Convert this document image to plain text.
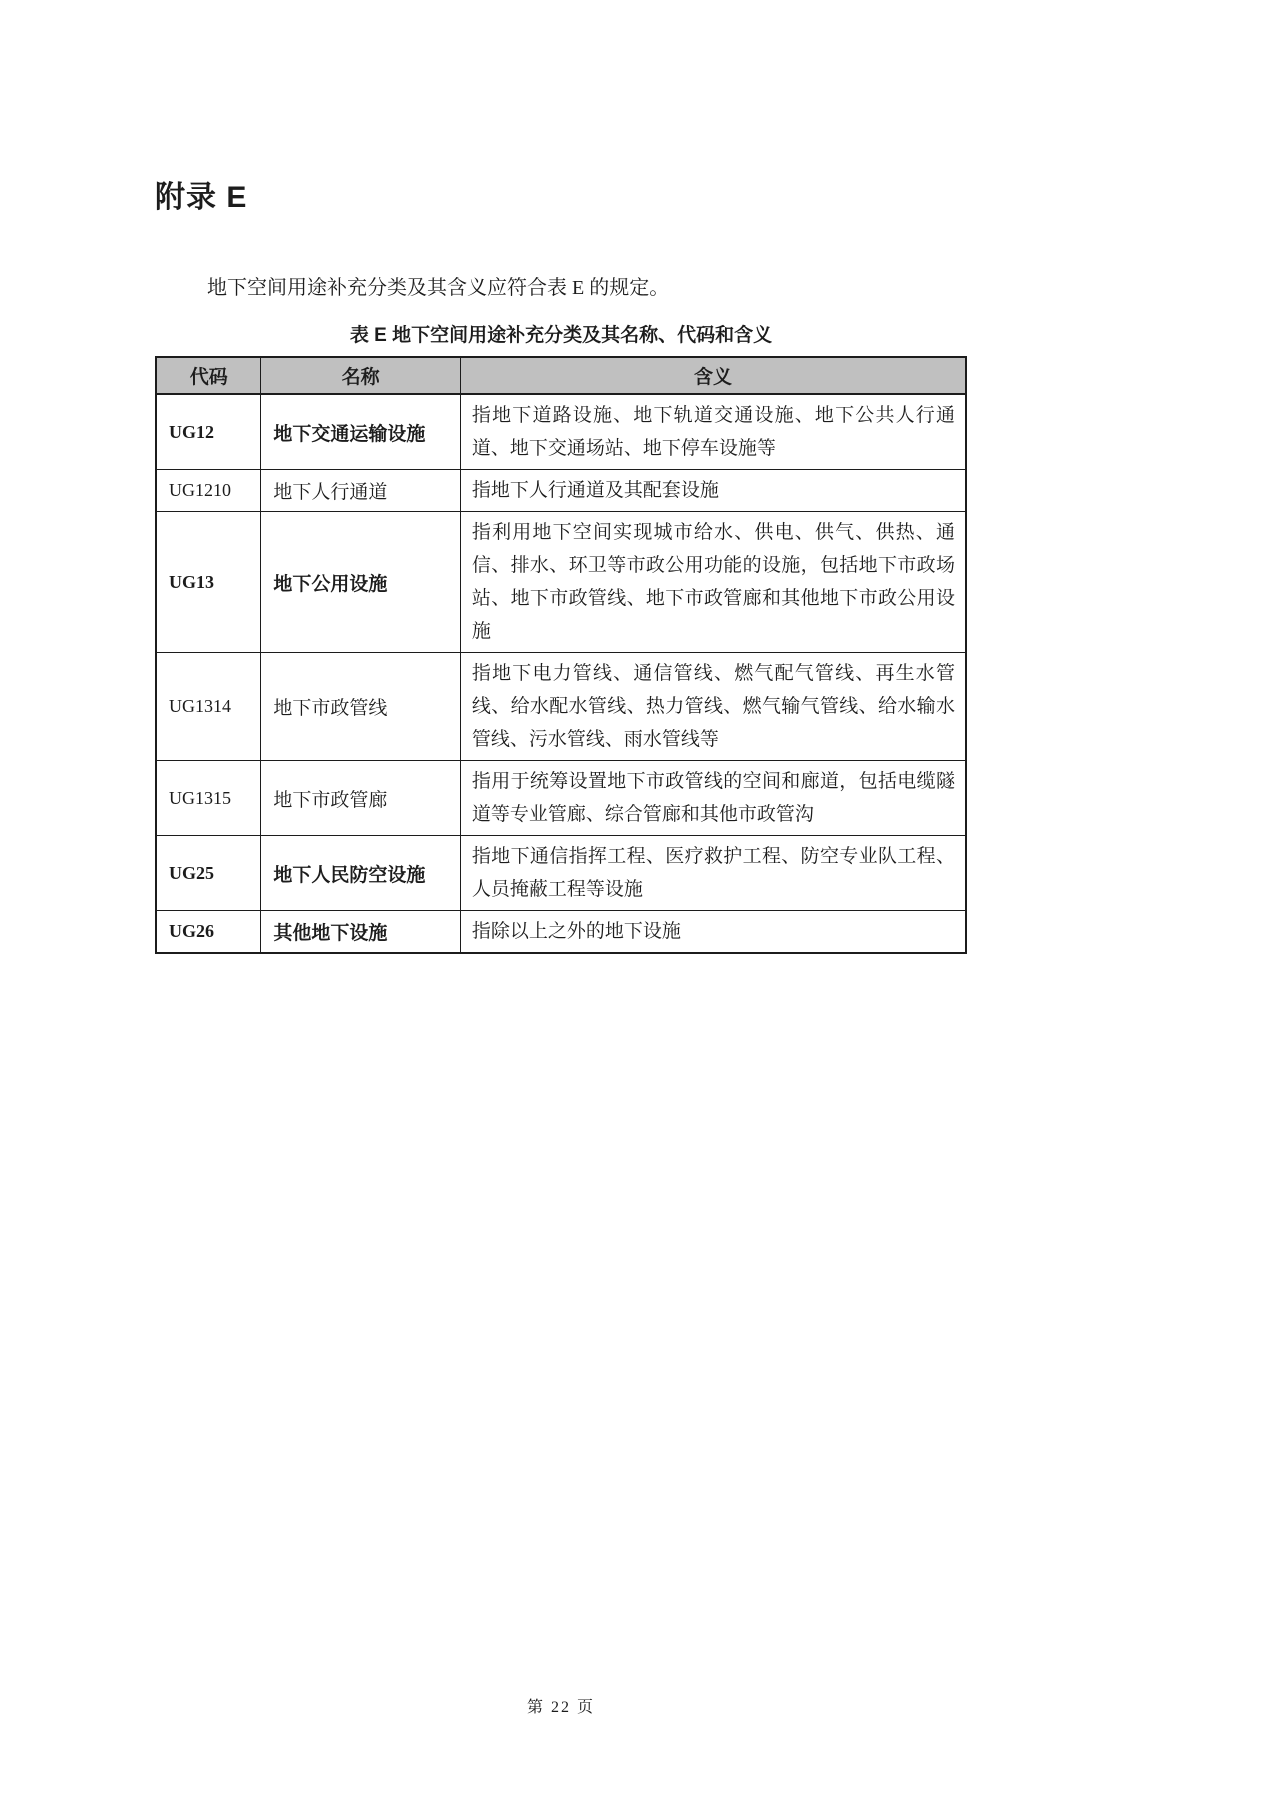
附录 E

地下空间用途补充分类及其含义应符合表 E 的规定。

表 E 地下空间用途补充分类及其名称、代码和含义
代码	名称	含义
UG12	地下交通运输设施	指地下道路设施、地下轨道交通设施、地下公共人行通道、地下交通场站、地下停车设施等
UG1210	地下人行通道	指地下人行通道及其配套设施
UG13	地下公用设施	指利用地下空间实现城市给水、供电、供气、供热、通信、排水、环卫等市政公用功能的设施，包括地下市政场站、地下市政管线、地下市政管廊和其他地下市政公用设施
UG1314	地下市政管线	指地下电力管线、通信管线、燃气配气管线、再生水管线、给水配水管线、热力管线、燃气输气管线、给水输水管线、污水管线、雨水管线等
UG1315	地下市政管廊	指用于统筹设置地下市政管线的空间和廊道，包括电缆隧道等专业管廊、综合管廊和其他市政管沟
UG25	地下人民防空设施	指地下通信指挥工程、医疗救护工程、防空专业队工程、人员掩蔽工程等设施
UG26	其他地下设施	指除以上之外的地下设施
第 22 页
